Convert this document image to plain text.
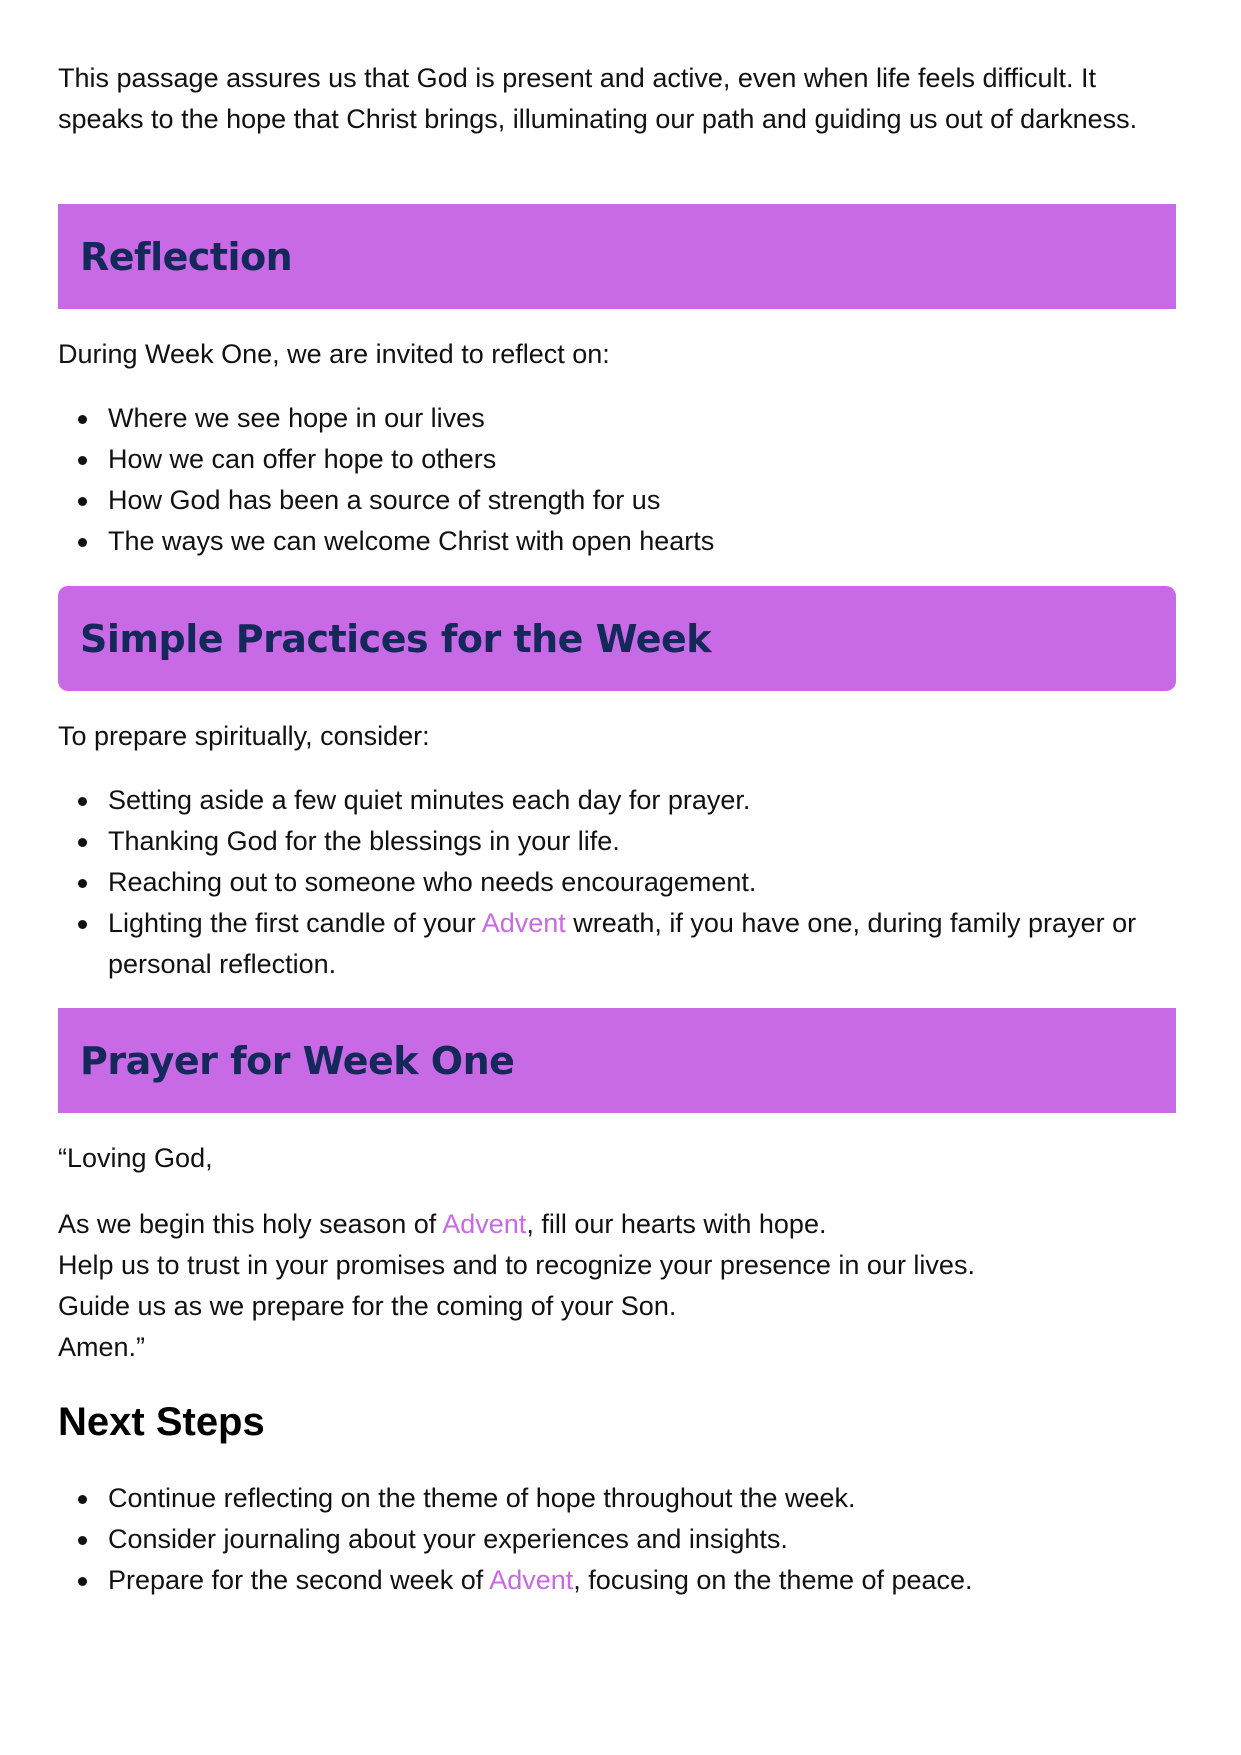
This passage assures us that God is present and active, even when life feels difficult. It speaks to the hope that Christ brings, illuminating our path and guiding us out of darkness.

Reflection

During Week One, we are invited to reflect on:

Where we see hope in our lives
How we can offer hope to others
How God has been a source of strength for us
The ways we can welcome Christ with open hearts
Simple Practices for the Week

To prepare spiritually, consider:

Setting aside a few quiet minutes each day for prayer.
Thanking God for the blessings in your life.
Reaching out to someone who needs encouragement.
Lighting the first candle of your Advent wreath, if you have one, during family prayer or personal reflection.
Prayer for Week One

“Loving God,

As we begin this holy season of Advent, fill our hearts with hope.

Help us to trust in your promises and to recognize your presence in our lives.

Guide us as we prepare for the coming of your Son.

Amen.”

Next Steps
Continue reflecting on the theme of hope throughout the week.
Consider journaling about your experiences and insights.
Prepare for the second week of Advent, focusing on the theme of peace.
